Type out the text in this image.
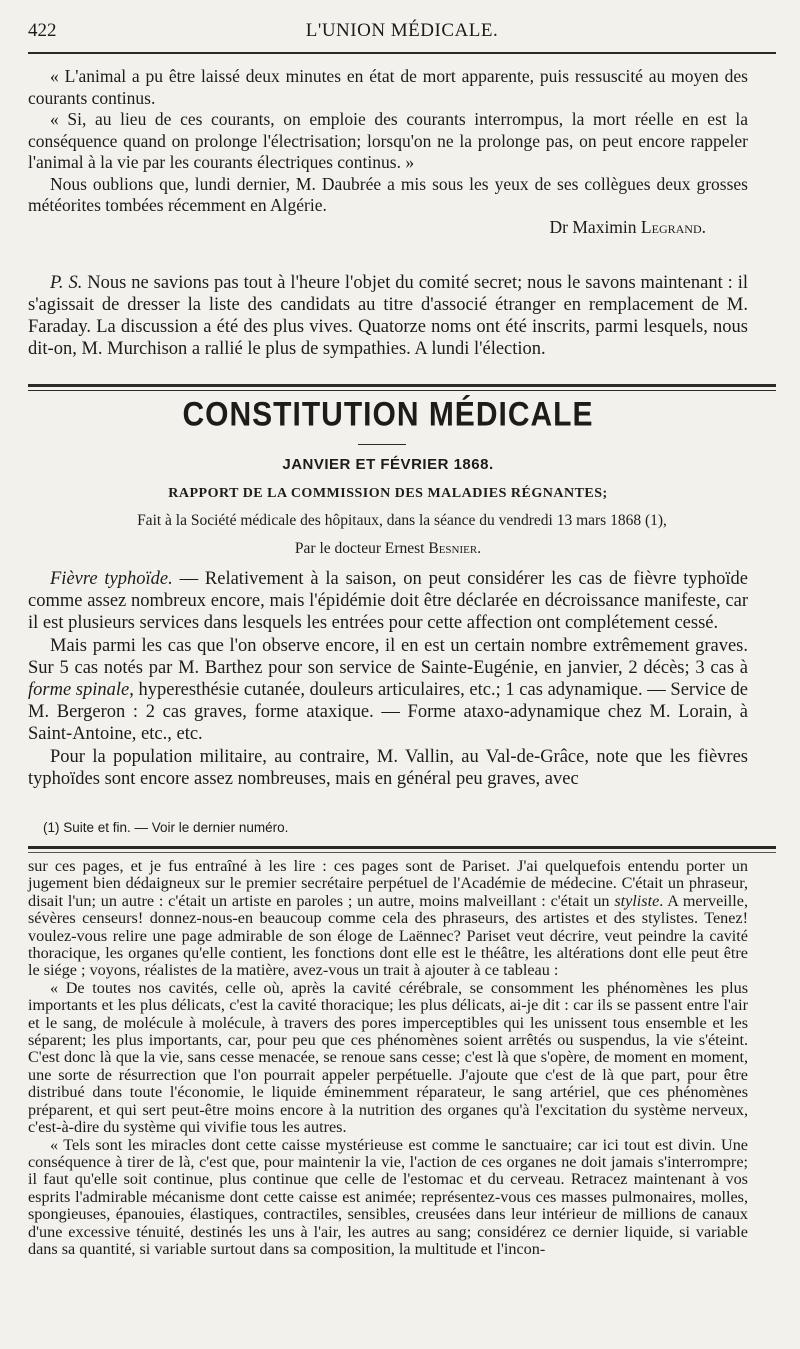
422	L'UNION MÉDICALE.

« L'animal a pu être laissé deux minutes en état de mort apparente, puis ressuscité au moyen des courants continus.

« Si, au lieu de ces courants, on emploie des courants interrompus, la mort réelle en est la conséquence quand on prolonge l'électrisation; lorsqu'on ne la prolonge pas, on peut encore rappeler l'animal à la vie par les courants électriques continus. »

Nous oublions que, lundi dernier, M. Daubrée a mis sous les yeux de ses collègues deux grosses météorites tombées récemment en Algérie.

Dr Maximin Legrand.

P. S. Nous ne savions pas tout à l'heure l'objet du comité secret; nous le savons maintenant : il s'agissait de dresser la liste des candidats au titre d'associé étranger en remplacement de M. Faraday. La discussion a été des plus vives. Quatorze noms ont été inscrits, parmi lesquels, nous dit-on, M. Murchison a rallié le plus de sympathies. A lundi l'élection.

CONSTITUTION MÉDICALE
JANVIER ET FÉVRIER 1868.
RAPPORT DE LA COMMISSION DES MALADIES RÉGNANTES;
Fait à la Société médicale des hôpitaux, dans la séance du vendredi 13 mars 1868 (1),
Par le docteur Ernest Besnier.

Fièvre typhoïde. — Relativement à la saison, on peut considérer les cas de fièvre typhoïde comme assez nombreux encore, mais l'épidémie doit être déclarée en décroissance manifeste, car il est plusieurs services dans lesquels les entrées pour cette affection ont complétement cessé.

Mais parmi les cas que l'on observe encore, il en est un certain nombre extrêmement graves. Sur 5 cas notés par M. Barthez pour son service de Sainte-Eugénie, en janvier, 2 décès; 3 cas à forme spinale, hyperesthésie cutanée, douleurs articulaires, etc.; 1 cas adynamique. — Service de M. Bergeron : 2 cas graves, forme ataxique. — Forme ataxo-adynamique chez M. Lorain, à Saint-Antoine, etc., etc.

Pour la population militaire, au contraire, M. Vallin, au Val-de-Grâce, note que les fièvres typhoïdes sont encore assez nombreuses, mais en général peu graves, avec

(1) Suite et fin. — Voir le dernier numéro.

sur ces pages, et je fus entraîné à les lire : ces pages sont de Pariset. J'ai quelquefois entendu porter un jugement bien dédaigneux sur le premier secrétaire perpétuel de l'Académie de médecine. C'était un phraseur, disait l'un; un autre : c'était un artiste en paroles ; un autre, moins malveillant : c'était un styliste. A merveille, sévères censeurs! donnez-nous-en beaucoup comme cela des phraseurs, des artistes et des stylistes. Tenez! voulez-vous relire une page admirable de son éloge de Laënnec? Pariset veut décrire, veut peindre la cavité thoracique, les organes qu'elle contient, les fonctions dont elle est le théâtre, les altérations dont elle peut être le siége ; voyons, réalistes de la matière, avez-vous un trait à ajouter à ce tableau :

« De toutes nos cavités, celle où, après la cavité cérébrale, se consomment les phénomènes les plus importants et les plus délicats, c'est la cavité thoracique; les plus délicats, ai-je dit : car ils se passent entre l'air et le sang, de molécule à molécule, à travers des pores imperceptibles qui les unissent tous ensemble et les séparent; les plus importants, car, pour peu que ces phénomènes soient arrêtés ou suspendus, la vie s'éteint. C'est donc là que la vie, sans cesse menacée, se renoue sans cesse; c'est là que s'opère, de moment en moment, une sorte de résurrection que l'on pourrait appeler perpétuelle. J'ajoute que c'est de là que part, pour être distribué dans toute l'économie, le liquide éminemment réparateur, le sang artériel, que ces phénomènes préparent, et qui sert peut-être moins encore à la nutrition des organes qu'à l'excitation du système nerveux, c'est-à-dire du système qui vivifie tous les autres.

« Tels sont les miracles dont cette caisse mystérieuse est comme le sanctuaire; car ici tout est divin. Une conséquence à tirer de là, c'est que, pour maintenir la vie, l'action de ces organes ne doit jamais s'interrompre; il faut qu'elle soit continue, plus continue que celle de l'estomac et du cerveau. Retracez maintenant à vos esprits l'admirable mécanisme dont cette caisse est animée; représentez-vous ces masses pulmonaires, molles, spongieuses, épanouies, élastiques, contractiles, sensibles, creusées dans leur intérieur de millions de canaux d'une excessive ténuité, destinés les uns à l'air, les autres au sang; considérez ce dernier liquide, si variable dans sa quantité, si variable surtout dans sa composition, la multitude et l'incon-
